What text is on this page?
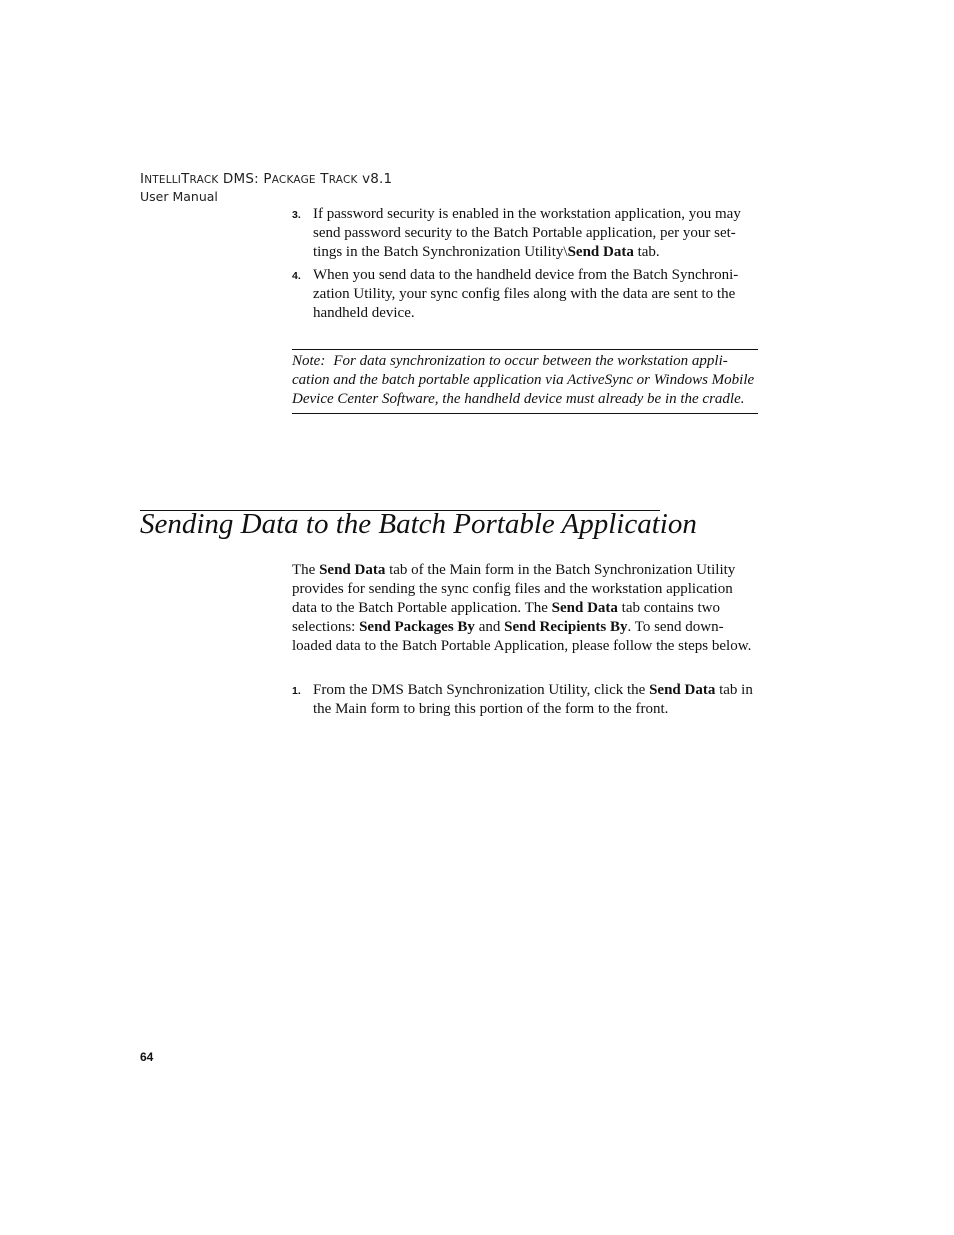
INTELLITRACK DMS: PACKAGE TRACK v8.1
User Manual
3. If password security is enabled in the workstation application, you may send password security to the Batch Portable application, per your set-tings in the Batch Synchronization Utility\Send Data tab.
4. When you send data to the handheld device from the Batch Synchroni-zation Utility, your sync config files along with the data are sent to the handheld device.
Note: For data synchronization to occur between the workstation appli-cation and the batch portable application via ActiveSync or Windows Mobile Device Center Software, the handheld device must already be in the cradle.
Sending Data to the Batch Portable Application

The Send Data tab of the Main form in the Batch Synchronization Utility provides for sending the sync config files and the workstation application data to the Batch Portable application. The Send Data tab contains two selections: Send Packages By and Send Recipients By. To send down-loaded data to the Batch Portable Application, please follow the steps below.

1. From the DMS Batch Synchronization Utility, click the Send Data tab in the Main form to bring this portion of the form to the front.
64
